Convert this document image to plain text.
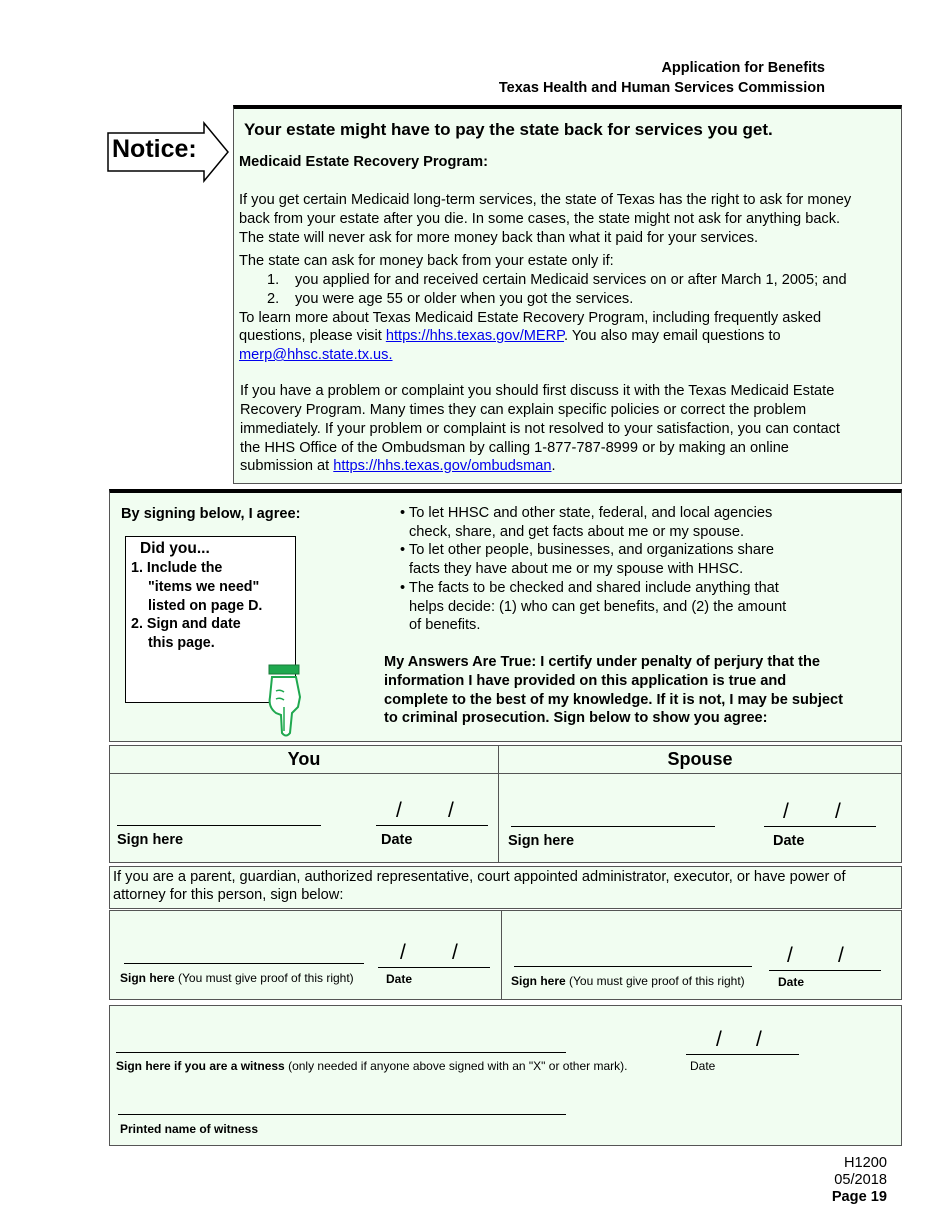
Application for Benefits
Texas Health and Human Services Commission
Notice:

Your estate might have to pay the state back for services you get.

Medicaid Estate Recovery Program:

If you get certain Medicaid long-term services, the state of Texas has the right to ask for money

back from your estate after you die. In some cases, the state might not ask for anything back.

The state will never ask for more money back than what it paid for your services.

The state can ask for money back from your estate only if:

1. you applied for and received certain Medicaid services on or after March 1, 2005; and

2. you were age 55 or older when you got the services.

To learn more about Texas Medicaid Estate Recovery Program, including frequently asked

questions, please visit https://hhs.texas.gov/MERP. You also may email questions to

merp@hhsc.state.tx.us.

If you have a problem or complaint you should first discuss it with the Texas Medicaid Estate

Recovery Program. Many times they can explain specific policies or correct the problem

immediately. If your problem or complaint is not resolved to your satisfaction, you can contact

the HHS Office of the Ombudsman by calling 1-877-787-8999 or by making an online

submission at https://hhs.texas.gov/ombudsman.

By signing below, I agree:
Did you...
1. Include the
"items we need"
listed on page D.
2. Sign and date
this page.
• To let HHSC and other state, federal, and local agencies
check, share, and get facts about me or my spouse.
• To let other people, businesses, and organizations share
facts they have about me or my spouse with HHSC.
• The facts to be checked and shared include anything that
helps decide: (1) who can get benefits, and (2) the amount
of benefits.
My Answers Are True: I certify under penalty of perjury that the
information I have provided on this application is true and
complete to the best of my knowledge. If it is not, I may be subject
to criminal prosecution. Sign below to show you agree:
You	Spouse
Sign here
/ /
Date	Sign here
/ /
Date
If you are a parent, guardian, authorized representative, court appointed administrator, executor, or have power of
attorney for this person, sign below:
Sign here (You must give proof of this right)
/ /
Date	Sign here (You must give proof of this right)
/ /
Date
Sign here if you are a witness (only needed if anyone above signed with an "X" or other mark).
/ /
Date
Printed name of witness
H1200
05/2018
Page 19
